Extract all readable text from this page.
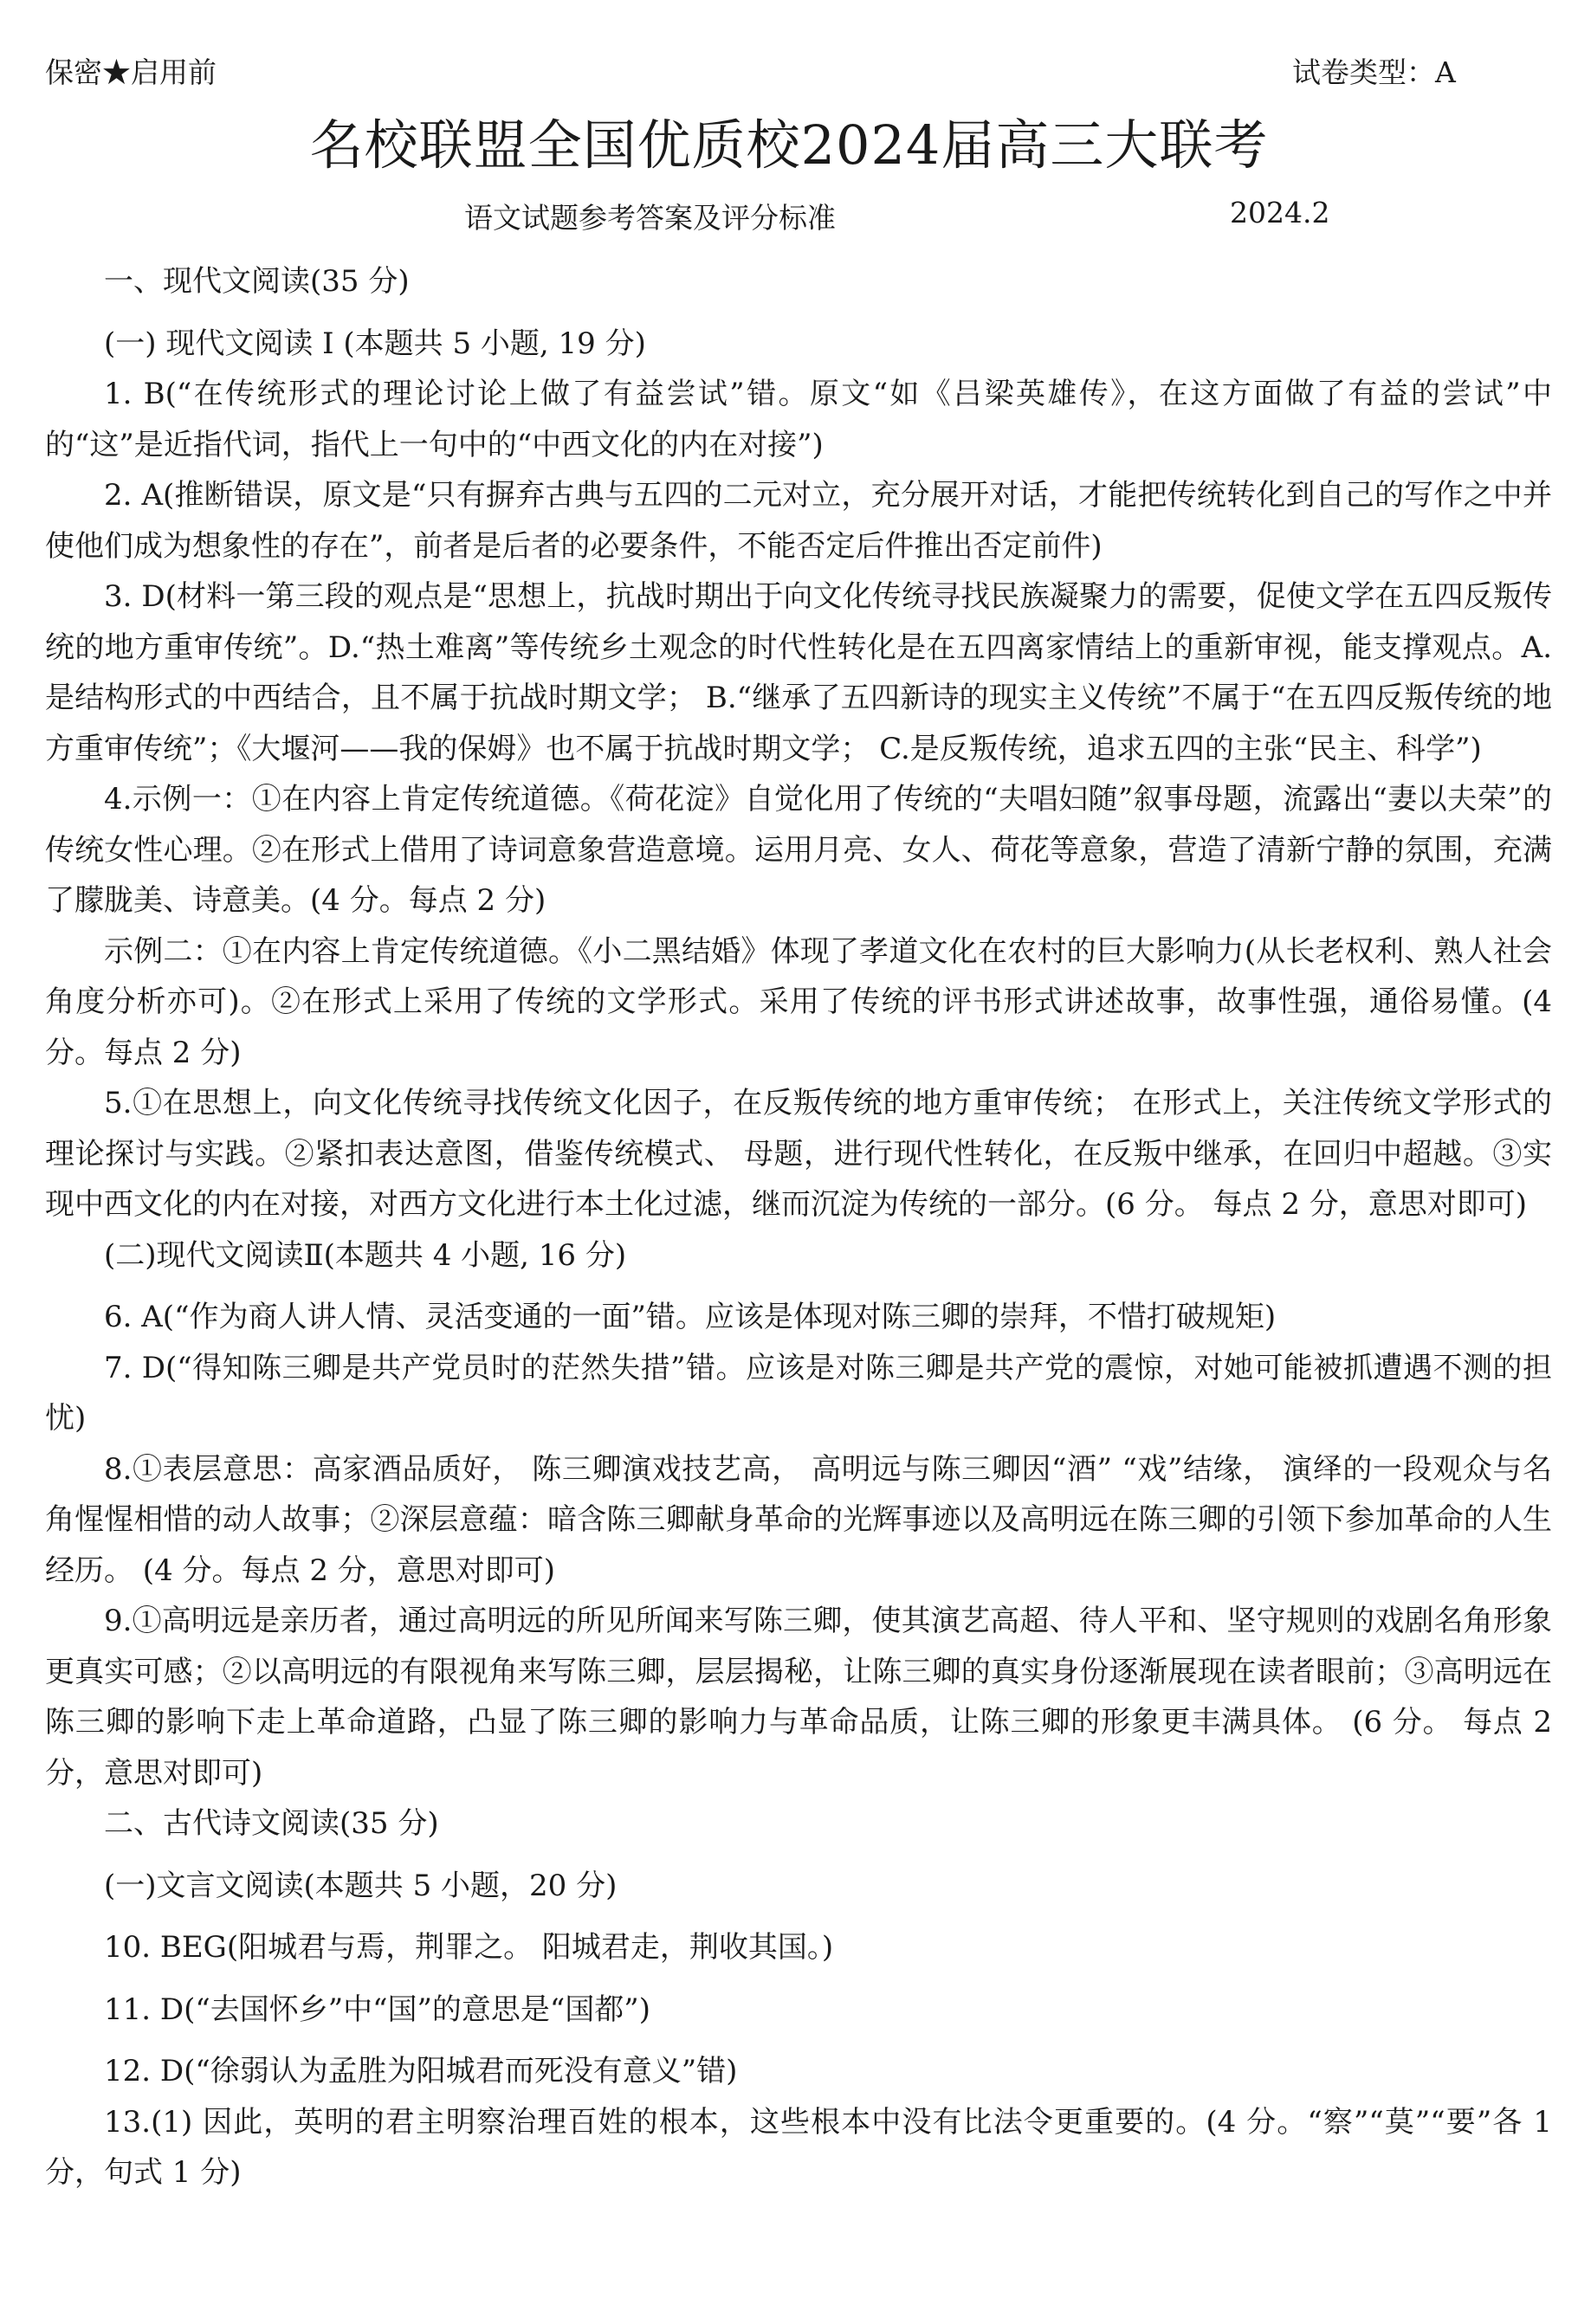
保密★启用前	试卷类型：A
名校联盟全国优质校2024届高三大联考
语文试题参考答案及评分标准	2024.2

一、现代文阅读(35 分)

(一) 现代文阅读 Ⅰ (本题共 5 小题, 19 分)

1. B(“在传统形式的理论讨论上做了有益尝试”错。原文“如《吕梁英雄传》，在这方面做了有益的尝试”中的“这”是近指代词，指代上一句中的“中西文化的内在对接”)

2. A(推断错误，原文是“只有摒弃古典与五四的二元对立，充分展开对话，才能把传统转化到自己的写作之中并使他们成为想象性的存在”，前者是后者的必要条件，不能否定后件推出否定前件)

3. D(材料一第三段的观点是“思想上，抗战时期出于向文化传统寻找民族凝聚力的需要，促使文学在五四反叛传统的地方重审传统”。D.“热土难离”等传统乡土观念的时代性转化是在五四离家情结上的重新审视，能支撑观点。A.是结构形式的中西结合，且不属于抗战时期文学； B.“继承了五四新诗的现实主义传统”不属于“在五四反叛传统的地方重审传统”；《大堰河——我的保姆》也不属于抗战时期文学； C.是反叛传统，追求五四的主张“民主、科学”)

4.示例一：①在内容上肯定传统道德。《荷花淀》自觉化用了传统的“夫唱妇随”叙事母题，流露出“妻以夫荣”的传统女性心理。②在形式上借用了诗词意象营造意境。运用月亮、女人、荷花等意象，营造了清新宁静的氛围，充满了朦胧美、诗意美。(4 分。每点 2 分)

示例二：①在内容上肯定传统道德。《小二黑结婚》体现了孝道文化在农村的巨大影响力(从长老权利、熟人社会角度分析亦可)。②在形式上采用了传统的文学形式。采用了传统的评书形式讲述故事，故事性强，通俗易懂。(4 分。每点 2 分)

5.①在思想上，向文化传统寻找传统文化因子，在反叛传统的地方重审传统； 在形式上，关注传统文学形式的理论探讨与实践。②紧扣表达意图，借鉴传统模式、 母题，进行现代性转化，在反叛中继承，在回归中超越。③实现中西文化的内在对接，对西方文化进行本土化过滤，继而沉淀为传统的一部分。(6 分。 每点 2 分，意思对即可)

(二)现代文阅读Ⅱ(本题共 4 小题, 16 分)

6. A(“作为商人讲人情、灵活变通的一面”错。应该是体现对陈三卿的崇拜，不惜打破规矩)

7. D(“得知陈三卿是共产党员时的茫然失措”错。应该是对陈三卿是共产党的震惊，对她可能被抓遭遇不测的担忧)

8.①表层意思：高家酒品质好， 陈三卿演戏技艺高， 高明远与陈三卿因“酒” “戏”结缘， 演绎的一段观众与名角惺惺相惜的动人故事；②深层意蕴：暗含陈三卿献身革命的光辉事迹以及高明远在陈三卿的引领下参加革命的人生经历。 (4 分。每点 2 分，意思对即可)

9.①高明远是亲历者，通过高明远的所见所闻来写陈三卿，使其演艺高超、待人平和、坚守规则的戏剧名角形象更真实可感；②以高明远的有限视角来写陈三卿，层层揭秘，让陈三卿的真实身份逐渐展现在读者眼前；③高明远在陈三卿的影响下走上革命道路，凸显了陈三卿的影响力与革命品质，让陈三卿的形象更丰满具体。 (6 分。 每点 2 分，意思对即可)

二、古代诗文阅读(35 分)

(一)文言文阅读(本题共 5 小题，20 分)

10. BEG(阳城君与焉，荆罪之。 阳城君走，荆收其国。)

11. D(“去国怀乡”中“国”的意思是“国都”)

12. D(“徐弱认为孟胜为阳城君而死没有意义”错)

13.(1) 因此，英明的君主明察治理百姓的根本，这些根本中没有比法令更重要的。(4 分。“察”“莫”“要”各 1 分，句式 1 分)
